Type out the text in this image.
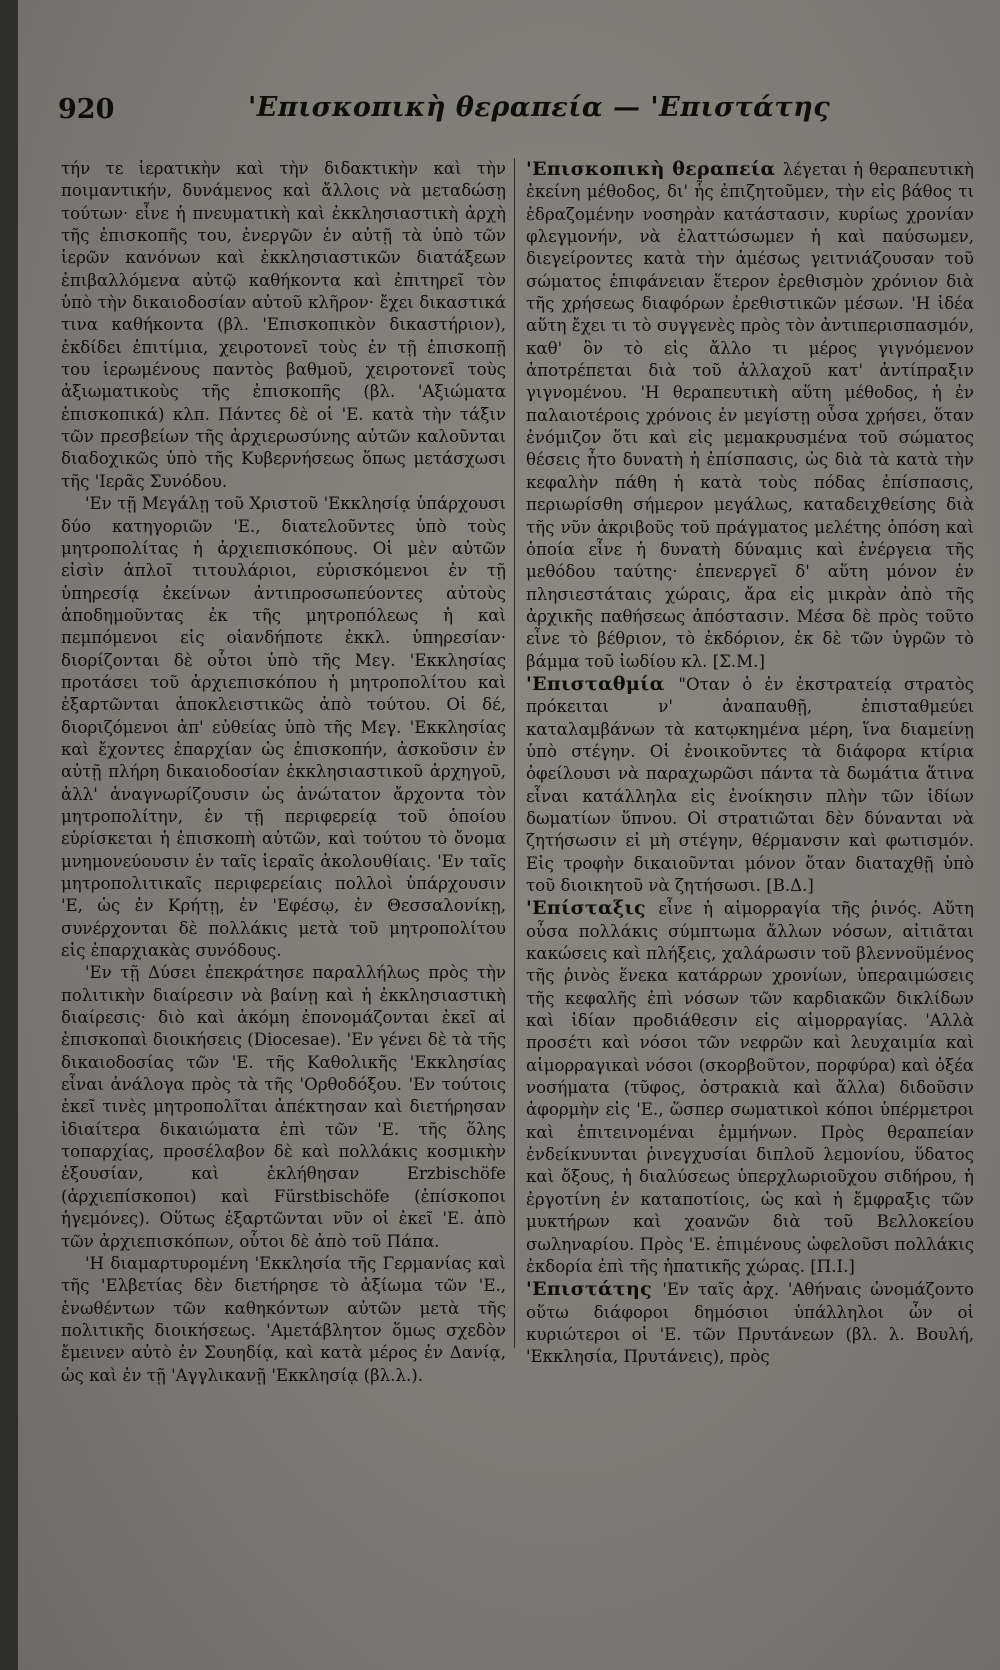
920	'Επισκοπικὴ θεραπεία — 'Επιστάτης

τήν τε ἱερατικὴν καὶ τὴν διδακτικὴν καὶ τὴν ποιμαντικήν, δυνάμενος καὶ ἄλλοις νὰ μεταδώσῃ τούτων· εἶνε ἡ πνευματικὴ καὶ ἐκκλησιαστικὴ ἀρχὴ τῆς ἐπισκοπῆς του, ἐνεργῶν ἐν αὐτῇ τὰ ὑπὸ τῶν ἱερῶν κανόνων καὶ ἐκκλησιαστικῶν διατάξεων ἐπιβαλλόμενα αὐτῷ καθήκοντα καὶ ἐπιτηρεῖ τὸν ὑπὸ τὴν δικαιοδοσίαν αὐτοῦ κλῆρον· ἔχει δικαστικά τινα καθήκοντα (βλ. 'Επισκοπικὸν δικαστήριον), ἐκδίδει ἐπιτίμια, χειροτονεῖ τοὺς ἐν τῇ ἐπισκοπῇ του ἱερωμένους παντὸς βαθμοῦ, χειροτονεῖ τοὺς ἀξιωματικοὺς τῆς ἐπισκοπῆς (βλ. 'Αξιώματα ἐπισκοπικά) κλπ. Πάντες δὲ οἱ 'Ε. κατὰ τὴν τάξιν τῶν πρεσβείων τῆς ἀρχιερωσύνης αὐτῶν καλοῦνται διαδοχικῶς ὑπὸ τῆς Κυβερνήσεως ὅπως μετάσχωσι τῆς 'Ιερᾶς Συνόδου.

'Εν τῇ Μεγάλῃ τοῦ Χριστοῦ 'Εκκλησίᾳ ὑπάρχουσι δύο κατηγοριῶν 'Ε., διατελοῦντες ὑπὸ τοὺς μητροπολίτας ἡ ἀρχιεπισκόπους. Οἱ μὲν αὐτῶν εἰσὶν ἁπλοῖ τιτουλάριοι, εὑρισκόμενοι ἐν τῇ ὑπηρεσίᾳ ἐκείνων ἀντιπροσωπεύοντες αὐτοὺς ἀποδημοῦντας ἐκ τῆς μητροπόλεως ἡ καὶ πεμπόμενοι εἰς οἱανδήποτε ἐκκλ. ὑπηρεσίαν· διορίζονται δὲ οὗτοι ὑπὸ τῆς Μεγ. 'Εκκλησίας προτάσει τοῦ ἀρχιεπισκόπου ἡ μητροπολίτου καὶ ἐξαρτῶνται ἀποκλειστικῶς ἀπὸ τούτου. Οἱ δέ, διοριζόμενοι ἀπ' εὐθείας ὑπὸ τῆς Μεγ. 'Εκκλησίας καὶ ἔχοντες ἐπαρχίαν ὡς ἐπισκοπήν, ἀσκοῦσιν ἐν αὐτῇ πλήρη δικαιοδοσίαν ἐκκλησιαστικοῦ ἀρχηγοῦ, ἀλλ' ἀναγνωρίζουσιν ὡς ἀνώτατον ἄρχοντα τὸν μητροπολίτην, ἐν τῇ περιφερείᾳ τοῦ ὁποίου εὑρίσκεται ἡ ἐπισκοπὴ αὐτῶν, καὶ τούτου τὸ ὄνομα μνημονεύουσιν ἐν ταῖς ἱεραῖς ἀκολουθίαις. 'Εν ταῖς μητροπολιτικαῖς περιφερείαις πολλοὶ ὑπάρχουσιν 'Ε, ὡς ἐν Κρήτῃ, ἐν 'Εφέσῳ, ἐν Θεσσαλονίκῃ, συνέρχονται δὲ πολλάκις μετὰ τοῦ μητροπολίτου εἰς ἐπαρχιακὰς συνόδους.

'Εν τῇ Δύσει ἐπεκράτησε παραλλήλως πρὸς τὴν πολιτικὴν διαίρεσιν νὰ βαίνῃ καὶ ἡ ἐκκλησιαστικὴ διαίρεσις· διὸ καὶ ἀκόμη ἐπονομάζονται ἐκεῖ αἱ ἐπισκοπαὶ διοικήσεις (Diocesae). 'Εν γένει δὲ τὰ τῆς δικαιοδοσίας τῶν 'Ε. τῆς Καθολικῆς 'Εκκλησίας εἶναι ἀνάλογα πρὸς τὰ τῆς 'Ορθοδόξου. 'Εν τούτοις ἐκεῖ τινὲς μητροπολῖται ἀπέκτησαν καὶ διετήρησαν ἰδιαίτερα δικαιώματα ἐπὶ τῶν 'Ε. τῆς ὅλης τοπαρχίας, προσέλαβον δὲ καὶ πολλάκις κοσμικὴν ἐξουσίαν, καὶ ἐκλήθησαν Erzbischöfe (ἀρχιεπίσκοποι) καὶ Fürstbischöfe (ἐπίσκοποι ἡγεμόνες). Οὕτως ἐξαρτῶνται νῦν οἱ ἐκεῖ 'Ε. ἀπὸ τῶν ἀρχιεπισκόπων, οὗτοι δὲ ἀπὸ τοῦ Πάπα.

'Η διαμαρτυρομένη 'Εκκλησία τῆς Γερμανίας καὶ τῆς 'Ελβετίας δὲν διετήρησε τὸ ἀξίωμα τῶν 'Ε., ἑνωθέντων τῶν καθηκόντων αὐτῶν μετὰ τῆς πολιτικῆς διοικήσεως. 'Αμετάβλητον ὅμως σχεδὸν ἔμεινεν αὐτὸ ἐν Σουηδίᾳ, καὶ κατὰ μέρος ἐν Δανίᾳ, ὡς καὶ ἐν τῇ 'Αγγλικανῇ 'Εκκλησίᾳ (βλ.λ.).

'Επισκοπικὴ θεραπεία λέγεται ἡ θεραπευτικὴ ἐκείνη μέθοδος, δι' ἧς ἐπιζητοῦμεν, τὴν εἰς βάθος τι ἑδραζομένην νοσηρὰν κατάστασιν, κυρίως χρονίαν φλεγμονήν, νὰ ἐλαττώσωμεν ἡ καὶ παύσωμεν, διεγείροντες κατὰ τὴν ἀμέσως γειτνιάζουσαν τοῦ σώματος ἐπιφάνειαν ἕτερον ἐρεθισμὸν χρόνιον διὰ τῆς χρήσεως διαφόρων ἐρεθιστικῶν μέσων. 'Η ἰδέα αὕτη ἔχει τι τὸ συγγενὲς πρὸς τὸν ἀντιπερισπασμόν, καθ' ὃν τὸ εἰς ἄλλο τι μέρος γιγνόμενον ἀποτρέπεται διὰ τοῦ ἀλλαχοῦ κατ' ἀντίπραξιν γιγνομένου. 'Η θεραπευτικὴ αὕτη μέθοδος, ἡ ἐν παλαιοτέροις χρόνοις ἐν μεγίστῃ οὖσα χρήσει, ὅταν ἐνόμιζον ὅτι καὶ εἰς μεμακρυσμένα τοῦ σώματος θέσεις ἦτο δυνατὴ ἡ ἐπίσπασις, ὡς διὰ τὰ κατὰ τὴν κεφαλὴν πάθη ἡ κατὰ τοὺς πόδας ἐπίσπασις, περιωρίσθη σήμερον μεγάλως, καταδειχθείσης διὰ τῆς νῦν ἀκριβοῦς τοῦ πράγματος μελέτης ὁπόση καὶ ὁποία εἶνε ἡ δυνατὴ δύναμις καὶ ἐνέργεια τῆς μεθόδου ταύτης· ἐπενεργεῖ δ' αὕτη μόνον ἐν πλησιεστάταις χώραις, ἄρα εἰς μικρὰν ἀπὸ τῆς ἀρχικῆς παθήσεως ἀπόστασιν. Μέσα δὲ πρὸς τοῦτο εἶνε τὸ βέθριον, τὸ ἐκδόριον, ἐκ δὲ τῶν ὑγρῶν τὸ βάμμα τοῦ ἰωδίου κλ. [Σ.Μ.]

'Επισταθμία "Οταν ὁ ἐν ἐκστρατείᾳ στρατὸς πρόκειται ν' ἀναπαυθῇ, ἐπισταθμεύει καταλαμβάνων τὰ κατῳκημένα μέρη, ἵνα διαμείνῃ ὑπὸ στέγην. Οἱ ἐνοικοῦντες τὰ διάφορα κτίρια ὀφείλουσι νὰ παραχωρῶσι πάντα τὰ δωμάτια ἅτινα εἶναι κατάλληλα εἰς ἐνοίκησιν πλὴν τῶν ἰδίων δωματίων ὕπνου. Οἱ στρατιῶται δὲν δύνανται νὰ ζητήσωσιν εἰ μὴ στέγην, θέρμανσιν καὶ φωτισμόν. Εἰς τροφὴν δικαιοῦνται μόνον ὅταν διαταχθῇ ὑπὸ τοῦ διοικητοῦ νὰ ζητήσωσι. [Β.Δ.]

'Επίσταξις εἶνε ἡ αἱμορραγία τῆς ῥινός. Αὕτη οὖσα πολλάκις σύμπτωμα ἄλλων νόσων, αἰτιᾶται κακώσεις καὶ πλήξεις, χαλάρωσιν τοῦ βλεννοϋμένος τῆς ῥινὸς ἕνεκα κατάρρων χρονίων, ὑπεραιμώσεις τῆς κεφαλῆς ἐπὶ νόσων τῶν καρδιακῶν δικλίδων καὶ ἰδίαν προδιάθεσιν εἰς αἱμορραγίας. 'Αλλὰ προσέτι καὶ νόσοι τῶν νεφρῶν καὶ λευχαιμία καὶ αἱμορραγικαὶ νόσοι (σκορβοῦτον, πορφύρα) καὶ ὀξέα νοσήματα (τῦφος, ὀστρακιὰ καὶ ἄλλα) διδοῦσιν ἀφορμὴν εἰς 'Ε., ὥσπερ σωματικοὶ κόποι ὑπέρμετροι καὶ ἐπιτεινομέναι ἐμμήνων. Πρὸς θεραπείαν ἐνδείκνυνται ῥινεγχυσίαι διπλοῦ λεμονίου, ὕδατος καὶ ὄξους, ἡ διαλύσεως ὑπερχλωριοῦχου σιδήρου, ἡ ἐργοτίνη ἐν καταποτίοις, ὡς καὶ ἡ ἔμφραξις τῶν μυκτήρων καὶ χοανῶν διὰ τοῦ Βελλοκείου σωληναρίου. Πρὸς 'Ε. ἐπιμένους ὠφελοῦσι πολλάκις ἐκδορία ἐπὶ τῆς ἡπατικῆς χώρας. [Π.Ι.]

'Επιστάτης 'Εν ταῖς ἀρχ. 'Αθήναις ὠνομάζοντο οὕτω διάφοροι δημόσιοι ὑπάλληλοι ὧν οἱ κυριώτεροι οἱ 'Ε. τῶν Πρυτάνεων (βλ. λ. Βουλή, 'Εκκλησία, Πρυτάνεις), πρὸς
